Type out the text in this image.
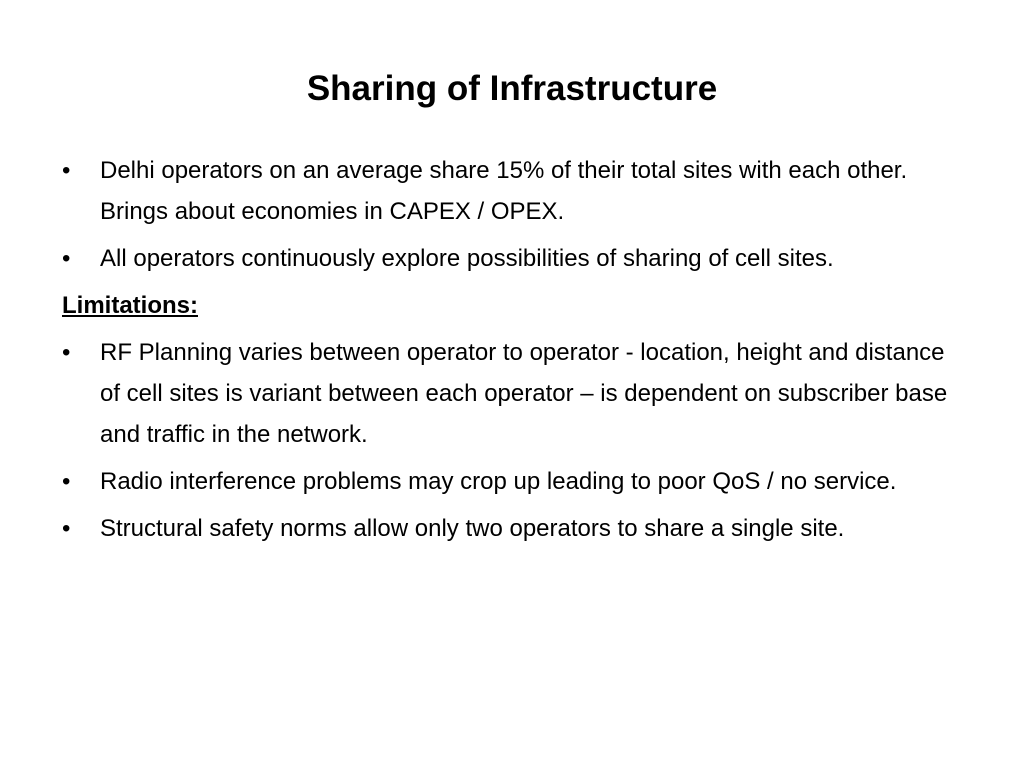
Sharing of Infrastructure
•	Delhi operators on an average share 15% of their total sites with each other. Brings about economies in CAPEX / OPEX.
•	All operators continuously explore possibilities of sharing of cell sites.
Limitations:
•	RF Planning varies between operator to operator - location, height and distance of cell sites is variant between each operator – is dependent on subscriber base and traffic in the network.
•	Radio interference problems may crop up leading to poor QoS / no service.
•	Structural safety norms allow only two operators to share a single site.
